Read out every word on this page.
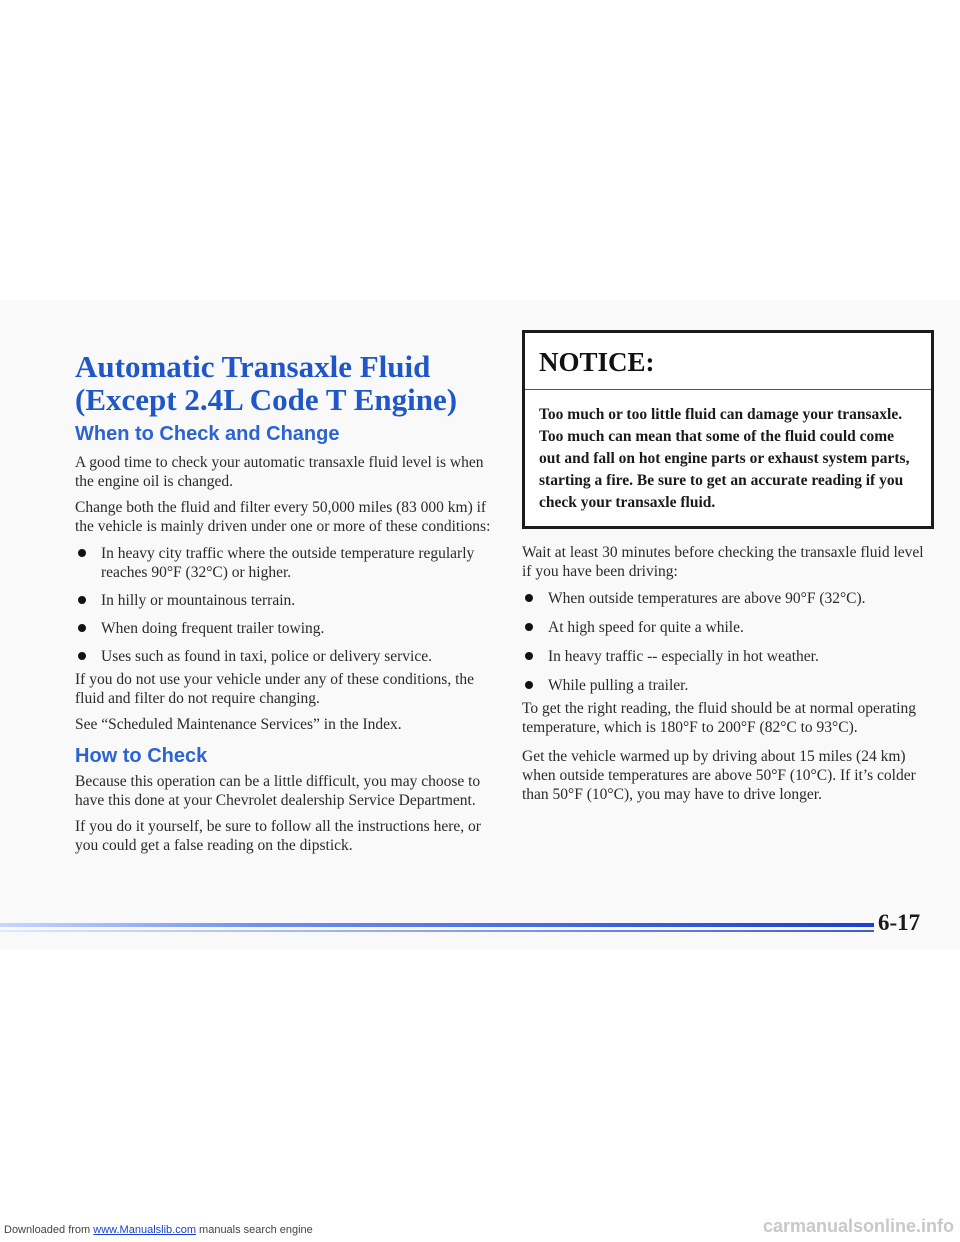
Automatic Transaxle Fluid
(Except 2.4L Code T Engine)
When to Check and Change

A good time to check your automatic transaxle fluid level is when the engine oil is changed.

Change both the fluid and filter every 50,000 miles (83 000 km) if the vehicle is mainly driven under one or more of these conditions:

In heavy city traffic where the outside temperature regularly reaches 90°F (32°C) or higher.
In hilly or mountainous terrain.
When doing frequent trailer towing.
Uses such as found in taxi, police or delivery service.

If you do not use your vehicle under any of these conditions, the fluid and filter do not require changing.

See “Scheduled Maintenance Services” in the Index.

How to Check

Because this operation can be a little difficult, you may choose to have this done at your Chevrolet dealership Service Department.

If you do it yourself, be sure to follow all the instructions here, or you could get a false reading on the dipstick.

NOTICE:
Too much or too little fluid can damage your transaxle. Too much can mean that some of the fluid could come out and fall on hot engine parts or exhaust system parts, starting a fire. Be sure to get an accurate reading if you check your transaxle fluid.

Wait at least 30 minutes before checking the transaxle fluid level if you have been driving:

When outside temperatures are above 90°F (32°C).
At high speed for quite a while.
In heavy traffic -- especially in hot weather.
While pulling a trailer.

To get the right reading, the fluid should be at normal operating temperature, which is 180°F to 200°F (82°C to 93°C).

Get the vehicle warmed up by driving about 15 miles (24 km) when outside temperatures are above 50°F (10°C). If it’s colder than 50°F (10°C), you may have to drive longer.

6-17
Downloaded from www.Manualslib.com manuals search engine	carmanualsonline.info
